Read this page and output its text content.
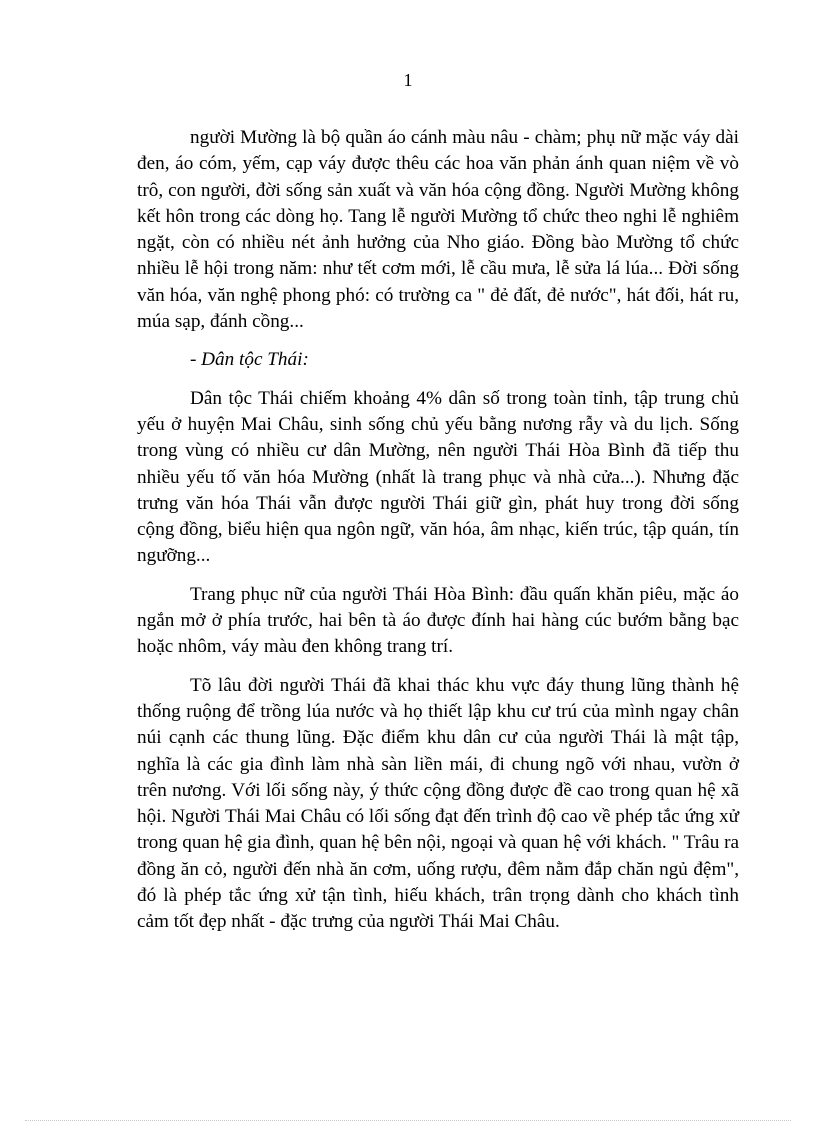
1

người Mường là bộ quần áo cánh màu nâu - chàm; phụ nữ mặc váy dài đen, áo cóm, yếm, cạp váy được thêu các hoa văn phản ánh quan niệm về vò trô, con người, đời sống sản xuất và văn hóa cộng đồng. Người Mường không kết hôn trong các dòng họ. Tang lễ người Mường tổ chức theo nghi lễ nghiêm ngặt, còn có nhiều nét ảnh hưởng của Nho giáo. Đồng bào Mường tổ chức nhiều lễ hội trong năm: như tết cơm mới, lễ cầu mưa, lễ sửa lá lúa... Đời sống văn hóa, văn nghệ phong phó: có trường ca " đẻ đất, đẻ nước", hát đối, hát ru, múa sạp, đánh cồng...

- Dân tộc Thái:

Dân tộc Thái chiếm khoảng 4% dân số trong toàn tỉnh, tập trung chủ yếu ở huyện Mai Châu, sinh sống chủ yếu bằng nương rẫy và du lịch. Sống trong vùng có nhiều cư dân Mường, nên người Thái Hòa Bình đã tiếp thu nhiều yếu tố văn hóa Mường (nhất là trang phục và nhà cửa...). Nhưng đặc trưng văn hóa Thái vẫn được người Thái giữ gìn, phát huy trong đời sống cộng đồng, biểu hiện qua ngôn ngữ, văn hóa, âm nhạc, kiến trúc, tập quán, tín ngưỡng...

Trang phục nữ của người Thái Hòa Bình: đầu quấn khăn piêu, mặc áo ngắn mở ở phía trước, hai bên tà áo được đính hai hàng cúc bướm bằng bạc hoặc nhôm, váy màu đen không trang trí.

Tõ lâu đời người Thái đã khai thác khu vực đáy thung lũng thành hệ thống ruộng để trồng lúa nước và họ thiết lập khu cư trú của mình ngay chân núi cạnh các thung lũng. Đặc điểm khu dân cư của người Thái là mật tập, nghĩa là các gia đình làm nhà sàn liền mái, đi chung ngõ với nhau, vườn ở trên nương. Với lối sống này, ý thức cộng đồng được đề cao trong quan hệ xã hội. Người Thái Mai Châu có lối sống đạt đến trình độ cao về phép tắc ứng xử trong quan hệ gia đình, quan hệ bên nội, ngoại và quan hệ với khách. " Trâu ra đồng ăn cỏ, người đến nhà ăn cơm, uống rượu, đêm nằm đắp chăn ngủ đệm", đó là phép tắc ứng xử tận tình, hiếu khách, trân trọng dành cho khách tình cảm tốt đẹp nhất - đặc trưng của người Thái Mai Châu.
